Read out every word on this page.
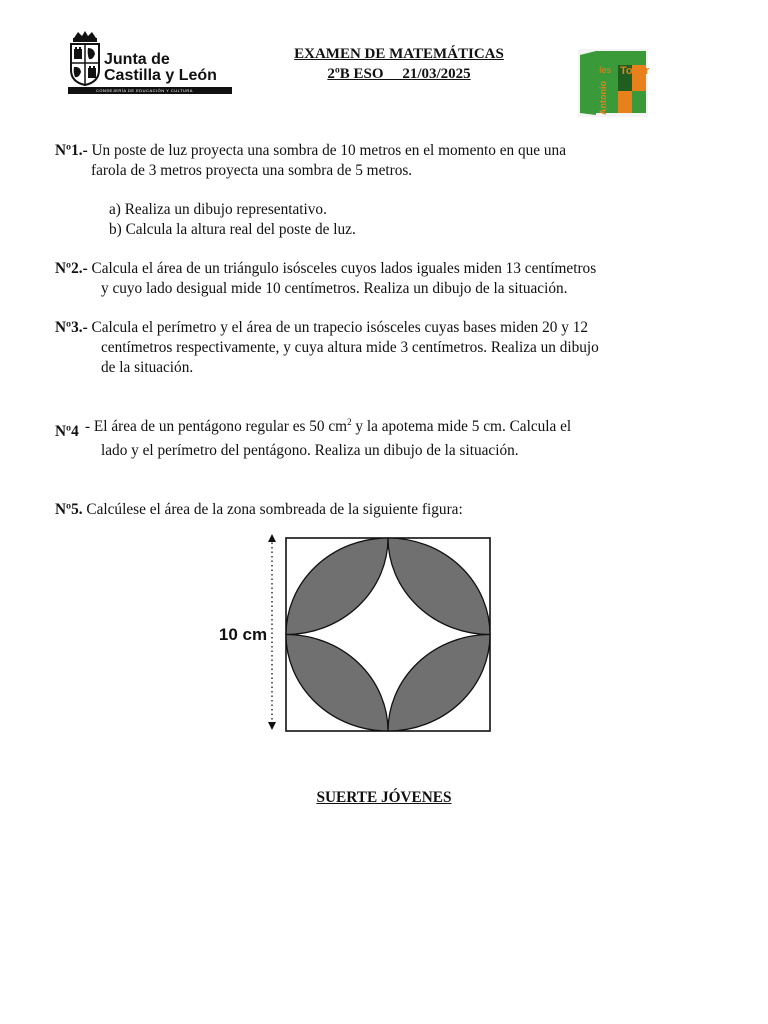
Junta de
Castilla y León
CONSEJERÍA DE EDUCACIÓN Y CULTURA
EXAMEN DE MATEMÁTICAS
2ºB ESO     21/03/2025	Ies Tovar
Antonio
Nº1.- Un poste de luz proyecta una sombra de 10 metros en el momento en que una
farola de 3 metros proyecta una sombra de 5 metros.
a) Realiza un dibujo representativo.
b) Calcula la altura real del poste de luz.
Nº2.- Calcula el área de un triángulo isósceles cuyos lados iguales miden 13 centímetros
y cuyo lado desigual mide 10 centímetros. Realiza un dibujo de la situación.
Nº3.- Calcula el perímetro y el área de un trapecio isósceles cuyas bases miden 20 y 12
centímetros respectivamente, y cuya altura mide 3 centímetros. Realiza un dibujo
de la situación.
Nº4 - El área de un pentágono regular es 50 $cm^2$ y la apotema mide 5 cm. Calcula el
lado y el perímetro del pentágono. Realiza un dibujo de la situación.
Nº5. Calcúlese el área de la zona sombreada de la siguiente figura:
10 cm
SUERTE JÓVENES
